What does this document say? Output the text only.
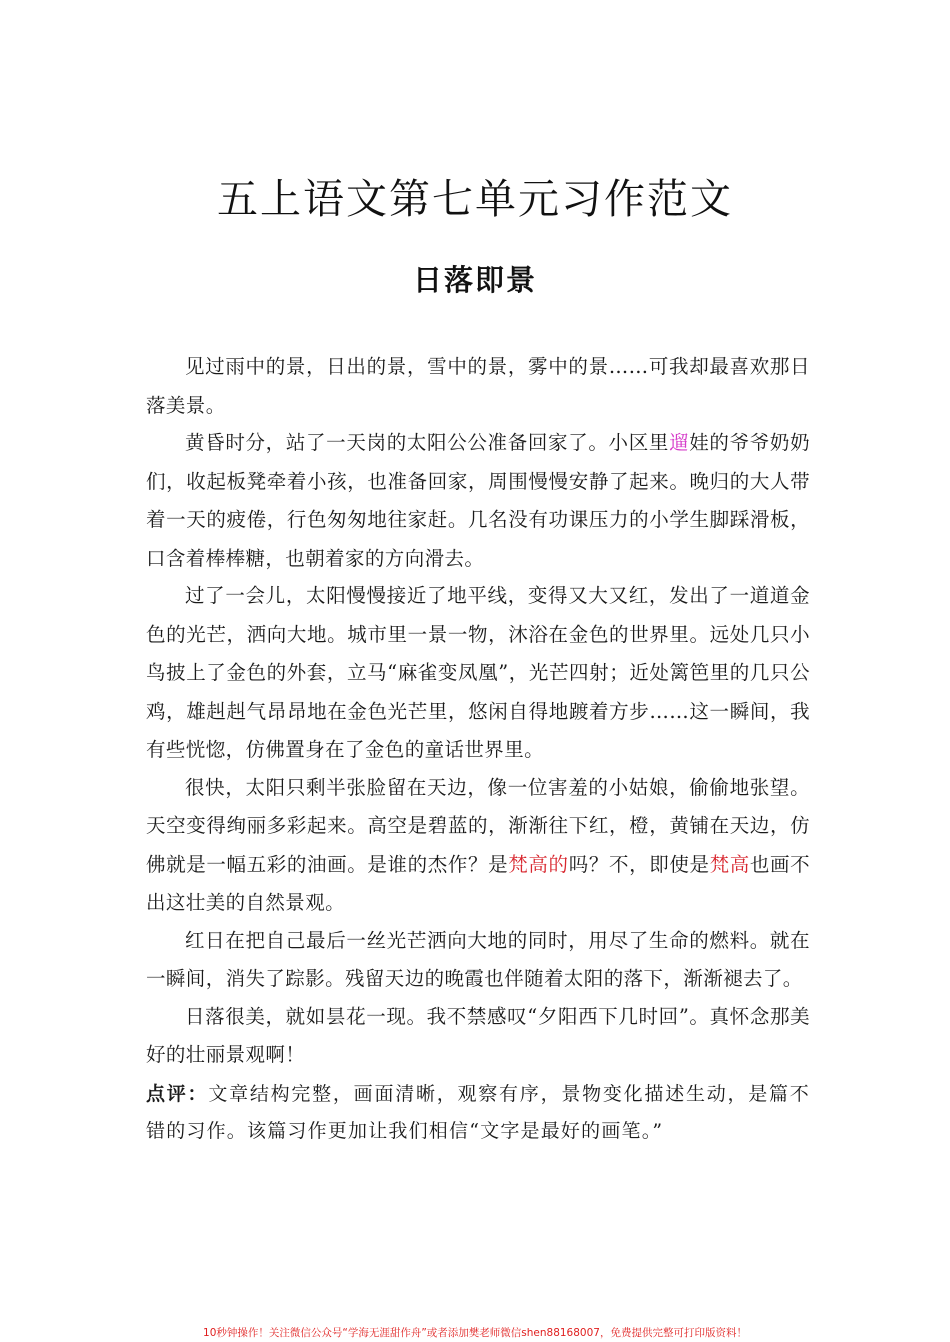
五上语文第七单元习作范文
日落即景

见过雨中的景，日出的景，雪中的景，雾中的景……可我却最喜欢那日落美景。

黄昏时分，站了一天岗的太阳公公准备回家了。小区里遛娃的爷爷奶奶们，收起板凳牵着小孩，也准备回家，周围慢慢安静了起来。晚归的大人带着一天的疲倦，行色匆匆地往家赶。几名没有功课压力的小学生脚踩滑板，口含着棒棒糖，也朝着家的方向滑去。

过了一会儿，太阳慢慢接近了地平线，变得又大又红，发出了一道道金色的光芒，洒向大地。城市里一景一物，沐浴在金色的世界里。远处几只小鸟披上了金色的外套，立马“麻雀变凤凰”，光芒四射；近处篱笆里的几只公鸡，雄赳赳气昂昂地在金色光芒里，悠闲自得地踱着方步……这一瞬间，我有些恍惚，仿佛置身在了金色的童话世界里。

很快，太阳只剩半张脸留在天边，像一位害羞的小姑娘，偷偷地张望。天空变得绚丽多彩起来。高空是碧蓝的，渐渐往下红，橙，黄铺在天边，仿佛就是一幅五彩的油画。是谁的杰作？是梵高的吗？不，即使是梵高也画不出这壮美的自然景观。

红日在把自己最后一丝光芒洒向大地的同时，用尽了生命的燃料。就在一瞬间，消失了踪影。残留天边的晚霞也伴随着太阳的落下，渐渐褪去了。

日落很美，就如昙花一现。我不禁感叹“夕阳西下几时回”。真怀念那美好的壮丽景观啊！

点评：文章结构完整，画面清晰，观察有序，景物变化描述生动，是篇不错的习作。该篇习作更加让我们相信“文字是最好的画笔。”

10秒钟操作！关注微信公众号“学海无涯甜作舟”或者添加樊老师微信shen88168007，免费提供完整可打印版资料！
